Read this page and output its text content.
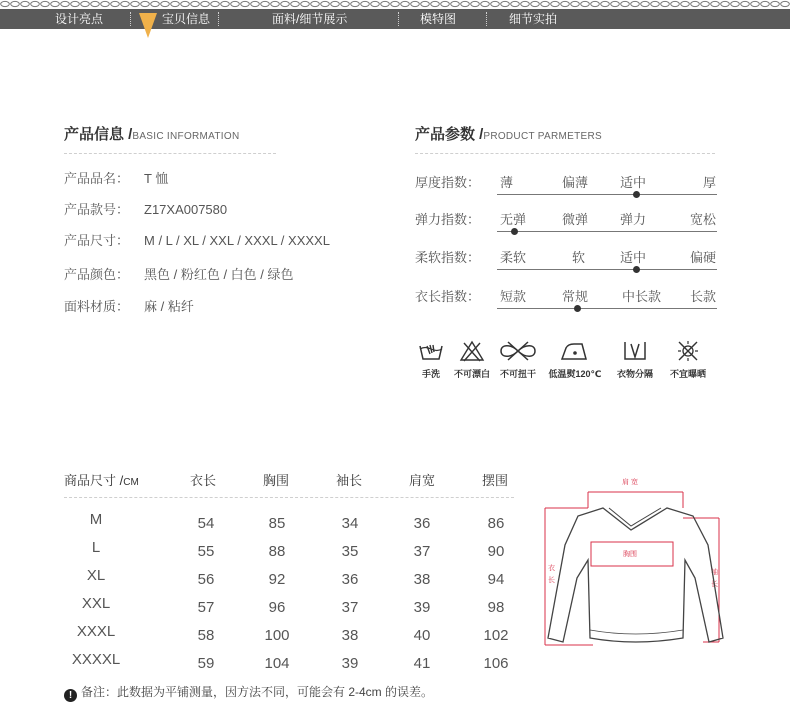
设计亮点	宝贝信息	面料/细节展示	模特图	细节实拍
产品信息 /BASIC INFORMATION
产品品名： T 恤
产品款号： Z17XA007580
产品尺寸： M / L / XL / XXL / XXXL / XXXXL
产品颜色： 黑色 / 粉红色 / 白色 / 绿色
面料材质： 麻 / 粘纤
产品参数 /PRODUCT PARMETERS
厚度指数： 薄	偏薄 适中	厚
弹力指数： 无弹	微弹 弹力	宽松
柔软指数： 柔软	软	适中	偏硬
衣长指数： 短款	常规	中长款 长款
手洗	不可漂白 不可扭干 低温熨120℃	衣物分隔	不宜曝晒
商品尺寸 /CM	衣长	胸围	袖长	肩宽	摆围
M	54	85	34	36	86
L	55	88	35	37	90
XL	56	92	36	38	94
XXL	57	96	37	39	98
XXXL	58	100	38	40	102
XXXXL	59	104	39	41	106
肩 宽
衣
长
袖
长
胸围
! 备注：此数据为平铺测量，因方法不同，可能会有 2-4cm 的误差。
